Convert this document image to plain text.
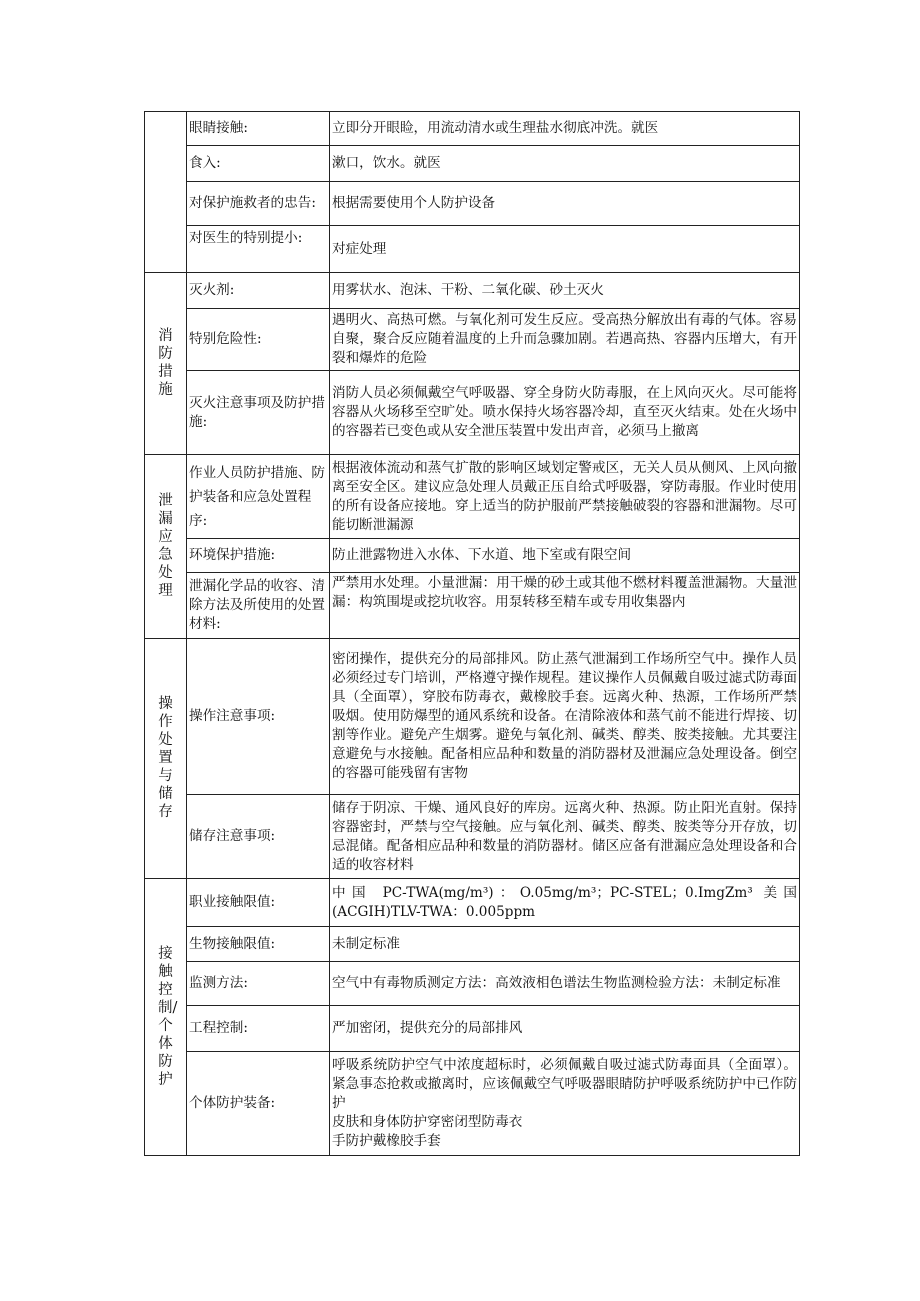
	眼睛接触:	立即分开眼睑，用流动清水或生理盐水彻底冲洗。就医
	食入:	漱口，饮水。就医
	对保护施救者的忠告:	根据需要使用个人防护设备
	对医生的特别提小:	对症处理
消防措施	灭火剂:	用雾状水、泡沫、干粉、二氧化碳、砂土灭火
	特别危险性:	遇明火、高热可燃。与氧化剂可发生反应。受高热分解放出有毒的气体。容易自聚，聚合反应随着温度的上升而急骤加剧。若遇高热、容器内压增大，有开裂和爆炸的危险
	灭火注意事项及防护措施:	消防人员必须佩戴空气呼吸器、穿全身防火防毒服，在上风向灭火。尽可能将容器从火场移至空旷处。喷水保持火场容器冷却，直至灭火结束。处在火场中的容器若已变色或从安全泄压装置中发出声音，必须马上撤离
泄漏应急处理	作业人员防护措施、防护装备和应急处置程序:	根据液体流动和蒸气扩散的影响区域划定警戒区，无关人员从侧风、上风向撤离至安全区。建议应急处理人员戴正压自给式呼吸器，穿防毒服。作业时使用的所有设备应接地。穿上适当的防护服前严禁接触破裂的容器和泄漏物。尽可能切断泄漏源
	环境保护措施:	防止泄露物进入水体、下水道、地下室或有限空间
	泄漏化学品的收容、清除方法及所使用的处置材料:	严禁用水处理。小量泄漏：用干燥的砂土或其他不燃材料覆盖泄漏物。大量泄漏：构筑围堤或挖坑收容。用泵转移至精车或专用收集器内
操作处置与储存	操作注意事项:	密闭操作，提供充分的局部排风。防止蒸气泄漏到工作场所空气中。操作人员必须经过专门培训，严格遵守操作规程。建议操作人员佩戴自吸过滤式防毒面具（全面罩），穿胶布防毒衣，戴橡胶手套。远离火种、热源，工作场所严禁吸烟。使用防爆型的通风系统和设备。在清除液体和蒸气前不能进行焊接、切割等作业。避免产生烟雾。避免与氧化剂、碱类、醇类、胺类接触。尤其要注意避免与水接触。配备相应品种和数量的消防器材及泄漏应急处理设备。倒空的容器可能残留有害物
	储存注意事项:	储存于阴凉、干燥、通风良好的库房。远离火种、热源。防止阳光直射。保持容器密封，严禁与空气接触。应与氧化剂、碱类、醇类、胺类等分开存放，切忌混储。配备相应品种和数量的消防器材。储区应备有泄漏应急处理设备和合适的收容材料
接触控制/个体防护	职业接触限值:	中国 PC-TWA(mg/m³)：O.05mg/m³；PC-STEL；0.ImgZm³ 美国(ACGIH)TLV-TWA：0.005ppm
	生物接触限值:	未制定标准
	监测方法:	空气中有毒物质测定方法：高效液相色谱法生物监测检验方法：未制定标准
	工程控制:	严加密闭，提供充分的局部排风
	个体防护装备:	呼吸系统防护空气中浓度超标时，必须佩戴自吸过滤式防毒面具（全面罩）。紧急事态抢救或撤离时，应该佩戴空气呼吸器眼睛防护呼吸系统防护中已作防护
皮肤和身体防护穿密闭型防毒衣
手防护戴橡胶手套
